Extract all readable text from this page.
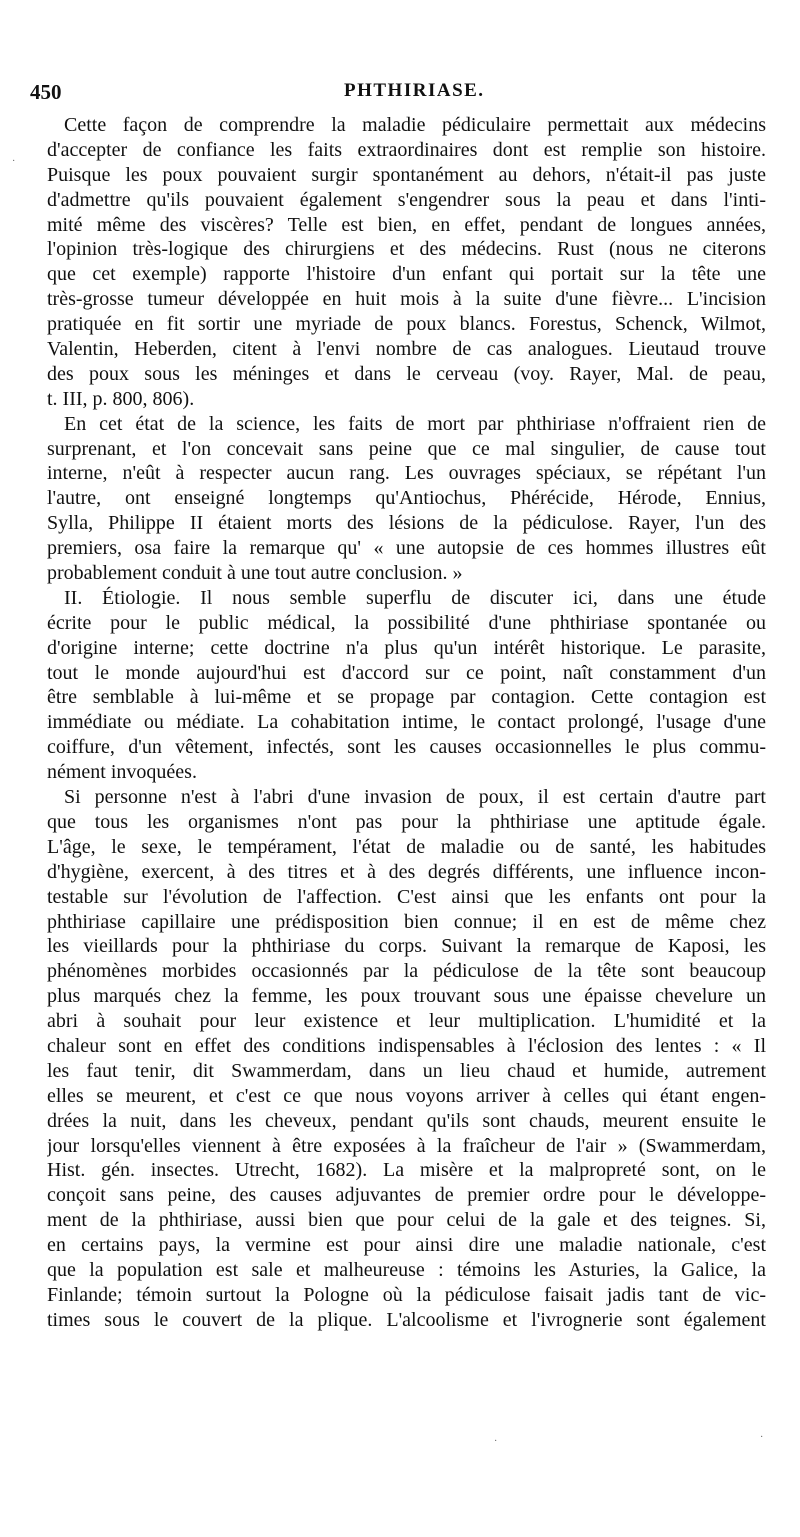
450	PHTHIRIASE.
Cette façon de comprendre la maladie pédiculaire permettait aux médecins
d'accepter de confiance les faits extraordinaires dont est remplie son histoire.
Puisque les poux pouvaient surgir spontanément au dehors, n'était-il pas juste
d'admettre qu'ils pouvaient également s'engendrer sous la peau et dans l'inti-
mité même des viscères? Telle est bien, en effet, pendant de longues années,
l'opinion très-logique des chirurgiens et des médecins. Rust (nous ne citerons
que cet exemple) rapporte l'histoire d'un enfant qui portait sur la tête une
très-grosse tumeur développée en huit mois à la suite d'une fièvre... L'incision
pratiquée en fit sortir une myriade de poux blancs. Forestus, Schenck, Wilmot,
Valentin, Heberden, citent à l'envi nombre de cas analogues. Lieutaud trouve
des poux sous les méninges et dans le cerveau (voy. Rayer, Mal. de peau,
t. III, p. 800, 806).
En cet état de la science, les faits de mort par phthiriase n'offraient rien de
surprenant, et l'on concevait sans peine que ce mal singulier, de cause tout
interne, n'eût à respecter aucun rang. Les ouvrages spéciaux, se répétant l'un
l'autre, ont enseigné longtemps qu'Antiochus, Phérécide, Hérode, Ennius,
Sylla, Philippe II étaient morts des lésions de la pédiculose. Rayer, l'un des
premiers, osa faire la remarque qu' « une autopsie de ces hommes illustres eût
probablement conduit à une tout autre conclusion. »
II. Étiologie. Il nous semble superflu de discuter ici, dans une étude
écrite pour le public médical, la possibilité d'une phthiriase spontanée ou
d'origine interne; cette doctrine n'a plus qu'un intérêt historique. Le parasite,
tout le monde aujourd'hui est d'accord sur ce point, naît constamment d'un
être semblable à lui-même et se propage par contagion. Cette contagion est
immédiate ou médiate. La cohabitation intime, le contact prolongé, l'usage d'une
coiffure, d'un vêtement, infectés, sont les causes occasionnelles le plus commu-
nément invoquées.
Si personne n'est à l'abri d'une invasion de poux, il est certain d'autre part
que tous les organismes n'ont pas pour la phthiriase une aptitude égale.
L'âge, le sexe, le tempérament, l'état de maladie ou de santé, les habitudes
d'hygiène, exercent, à des titres et à des degrés différents, une influence incon-
testable sur l'évolution de l'affection. C'est ainsi que les enfants ont pour la
phthiriase capillaire une prédisposition bien connue; il en est de même chez
les vieillards pour la phthiriase du corps. Suivant la remarque de Kaposi, les
phénomènes morbides occasionnés par la pédiculose de la tête sont beaucoup
plus marqués chez la femme, les poux trouvant sous une épaisse chevelure un
abri à souhait pour leur existence et leur multiplication. L'humidité et la
chaleur sont en effet des conditions indispensables à l'éclosion des lentes : « Il
les faut tenir, dit Swammerdam, dans un lieu chaud et humide, autrement
elles se meurent, et c'est ce que nous voyons arriver à celles qui étant engen-
drées la nuit, dans les cheveux, pendant qu'ils sont chauds, meurent ensuite le
jour lorsqu'elles viennent à être exposées à la fraîcheur de l'air » (Swammerdam,
Hist. gén. insectes. Utrecht, 1682). La misère et la malpropreté sont, on le
conçoit sans peine, des causes adjuvantes de premier ordre pour le développe-
ment de la phthiriase, aussi bien que pour celui de la gale et des teignes. Si,
en certains pays, la vermine est pour ainsi dire une maladie nationale, c'est
que la population est sale et malheureuse : témoins les Asturies, la Galice, la
Finlande; témoin surtout la Pologne où la pédiculose faisait jadis tant de vic-
times sous le couvert de la plique. L'alcoolisme et l'ivrognerie sont également
·
·	·
